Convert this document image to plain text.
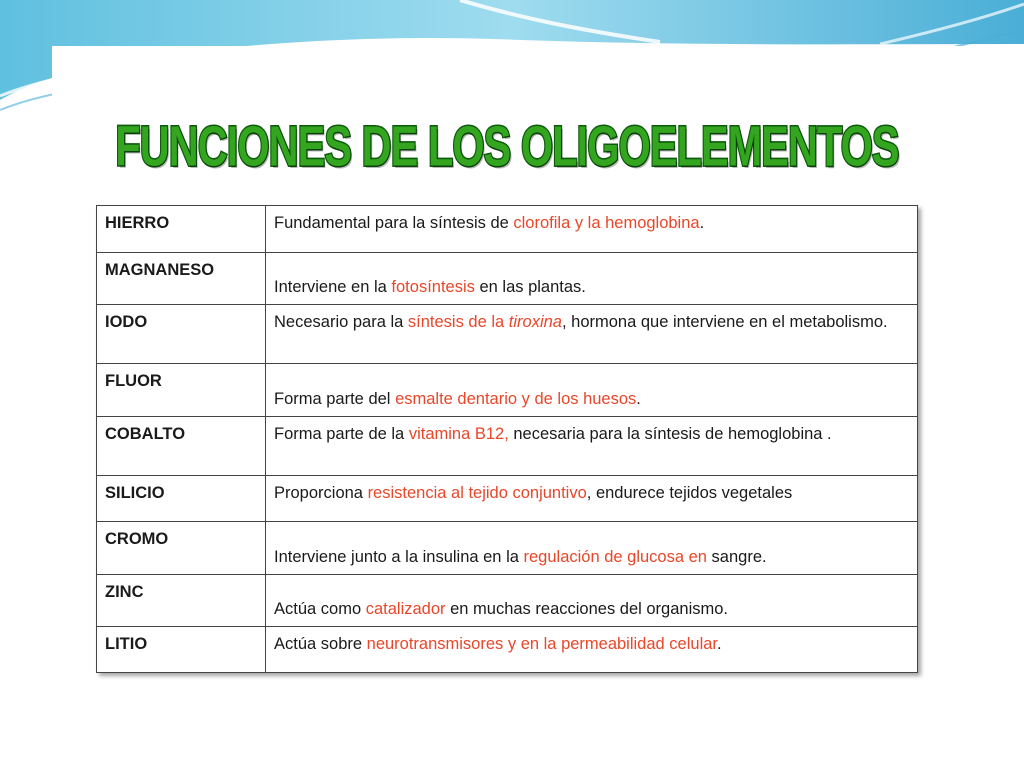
FUNCIONES DE LOS OLIGOELEMENTOS
HIERRO	Fundamental para la síntesis de clorofila y la hemoglobina.
MAGNANESO	Interviene en la fotosíntesis en las plantas.
IODO	Necesario para la síntesis de la tiroxina, hormona que interviene en el metabolismo.
FLUOR	Forma parte del esmalte dentario y de los huesos.
COBALTO	Forma parte de la vitamina B12, necesaria para la síntesis de hemoglobina .
SILICIO	Proporciona resistencia al tejido conjuntivo, endurece tejidos vegetales
CROMO	Interviene junto a la insulina en la regulación de glucosa en sangre.
ZINC	Actúa como catalizador en muchas reacciones del organismo.
LITIO	Actúa sobre neurotransmisores y en la permeabilidad celular.
